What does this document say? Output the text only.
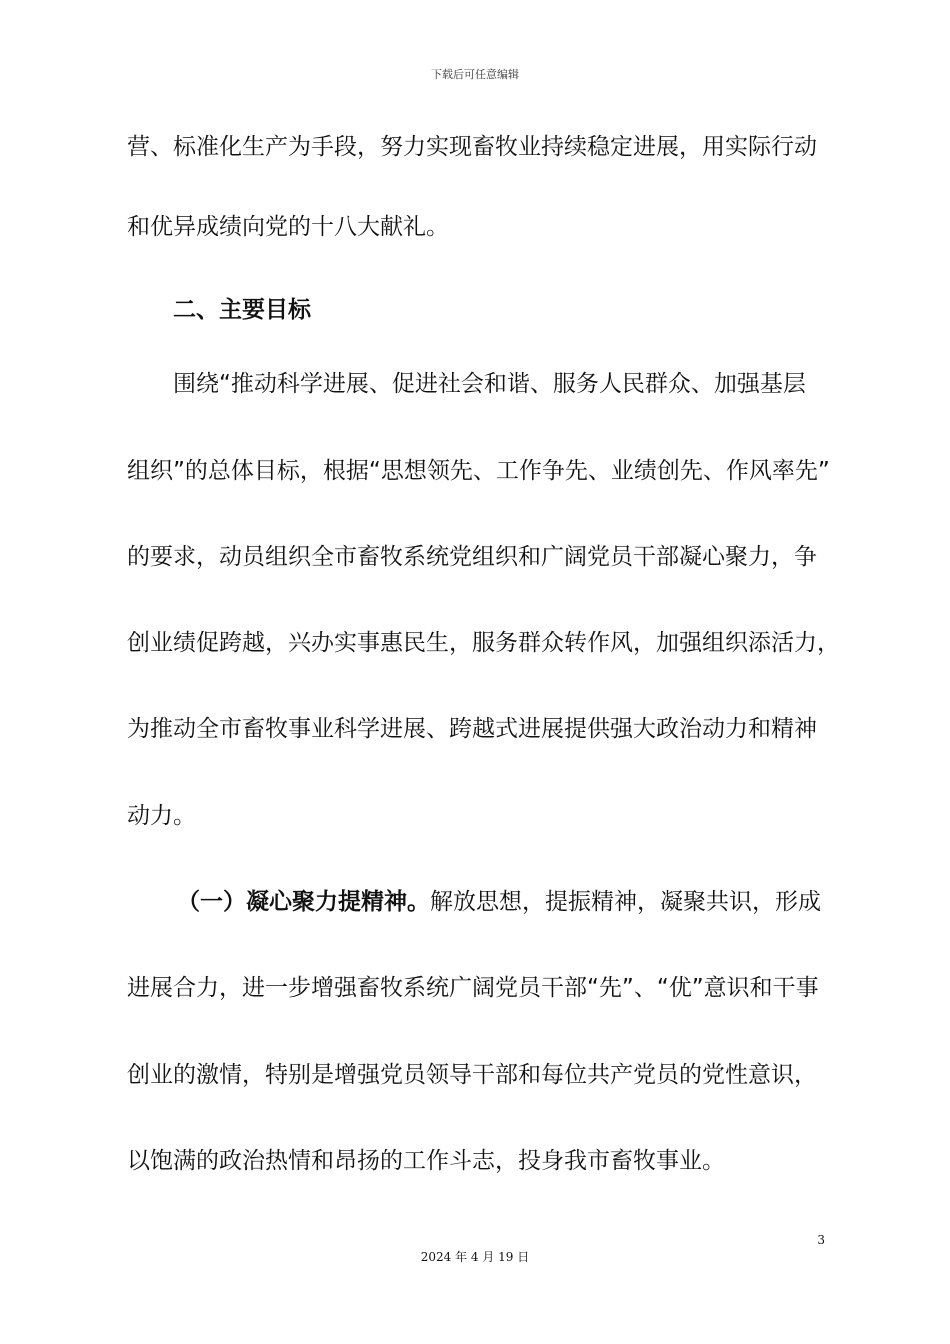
下载后可任意编辑

营、标准化生产为手段，努力实现畜牧业持续稳定进展，用实际行动

和优异成绩向党的十八大献礼。

二、主要目标

围绕“推动科学进展、促进社会和谐、服务人民群众、加强基层

组织”的总体目标，根据“思想领先、工作争先、业绩创先、作风率先”

的要求，动员组织全市畜牧系统党组织和广阔党员干部凝心聚力，争

创业绩促跨越，兴办实事惠民生，服务群众转作风，加强组织添活力，

为推动全市畜牧事业科学进展、跨越式进展提供强大政治动力和精神

动力。

（一）凝心聚力提精神。解放思想，提振精神，凝聚共识，形成

进展合力，进一步增强畜牧系统广阔党员干部“先”、“优”意识和干事

创业的激情，特别是增强党员领导干部和每位共产党员的党性意识，

以饱满的政治热情和昂扬的工作斗志，投身我市畜牧事业。

3
2024 年 4 月 19 日
